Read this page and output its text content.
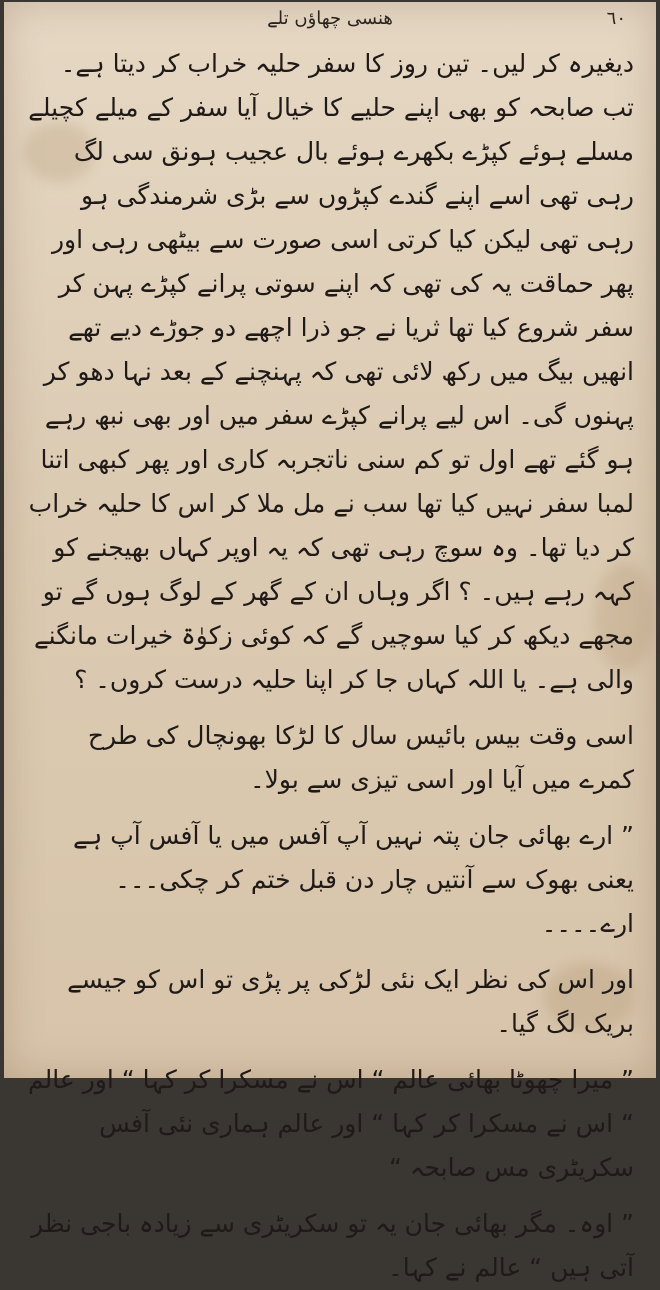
ھنسی چھاؤں تلے	٦٠

دیغیرہ کر لیں۔ تین روز کا سفر حلیہ خراب کر دیتا ہے۔

تب صابحہ کو بھی اپنے حلیے کا خیال آیا سفر کے میلے کچیلے مسلے ہوئے کپڑے بکھرے ہوئے بال عجیب ہونق سی لگ رہی تھی اسے اپنے گندے کپڑوں سے بڑی شرمندگی ہو رہی تھی لیکن کیا کرتی اسی صورت سے بیٹھی رہی اور پھر حماقت یہ کی تھی کہ اپنے سوتی پرانے کپڑے پہن کر سفر شروع کیا تھا ثریا نے جو ذرا اچھے دو جوڑے دیے تھے انھیں بیگ میں رکھ لائی تھی کہ پہنچنے کے بعد نہا دھو کر پہنوں گی۔ اس لیے پرانے کپڑے سفر میں اور بھی نبھ رہے ہو گئے تھے اول تو کم سنی ناتجربہ کاری اور پھر کبھی اتنا لمبا سفر نہیں کیا تھا سب نے مل ملا کر اس کا حلیہ خراب کر دیا تھا۔ وہ سوچ رہی تھی کہ یہ اوپر کہاں بھیجنے کو کہہ رہے ہیں۔ ؟ اگر وہاں ان کے گھر کے لوگ ہوں گے تو مجھے دیکھ کر کیا سوچیں گے کہ کوئی زکوٰۃ خیرات مانگنے والی ہے۔ یا اللہ کہاں جا کر اپنا حلیہ درست کروں۔ ؟

اسی وقت بیس بائیس سال کا لڑکا بھونچال کی طرح کمرے میں آیا اور اسی تیزی سے بولا۔

” ارے بھائی جان پتہ نہیں آپ آفس میں یا آفس آپ ہے یعنی بھوک سے آنتیں چار دن قبل ختم کر چکی۔۔۔ ارے۔۔۔۔

اور اس کی نظر ایک نئی لڑکی پر پڑی تو اس کو جیسے بریک لگ گیا۔

” میرا چھوٹا بھائی عالم “ اس نے مسکرا کر کہا “ اور عالم “ اس نے مسکرا کر کہا “ اور عالم ہماری نئی آفس سکریٹری مس صابحہ “

” اوہ۔ مگر بھائی جان یہ تو سکریٹری سے زیادہ باجی نظر آتی ہیں “ عالم نے کہا۔
